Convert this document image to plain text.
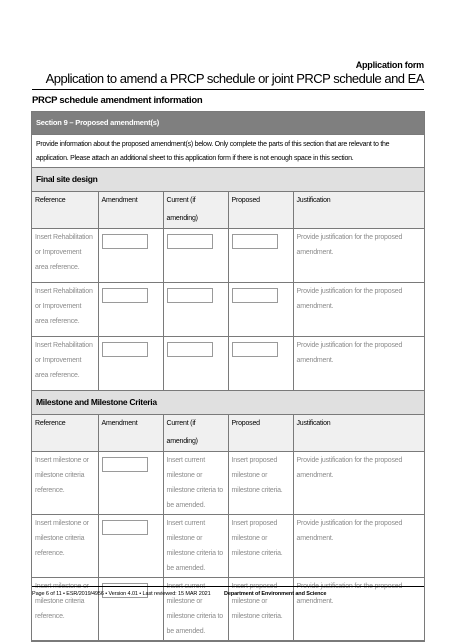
Application form
Application to amend a PRCP schedule or joint PRCP schedule and EA
PRCP schedule amendment information
Section 9 – Proposed amendment(s)
Provide information about the proposed amendment(s) below. Only complete the parts of this section that are relevant to the application. Please attach an additional sheet to this application form if there is not enough space in this section.
Final site design
Reference	Amendment	Current (if amending)	Proposed	Justification
Insert Rehabilitation or Improvement area reference.				Provide justification for the proposed amendment.
Insert Rehabilitation or Improvement area reference.				Provide justification for the proposed amendment.
Insert Rehabilitation or Improvement area reference.				Provide justification for the proposed amendment.
Milestone and Milestone Criteria
Reference	Amendment	Current (if amending)	Proposed	Justification
Insert milestone or milestone criteria reference.		Insert current milestone or milestone criteria to be amended.	Insert proposed milestone or milestone criteria.	Provide justification for the proposed amendment.
Insert milestone or milestone criteria reference.		Insert current milestone or milestone criteria to be amended.	Insert proposed milestone or milestone criteria.	Provide justification for the proposed amendment.
Insert milestone or milestone criteria reference.		Insert current milestone or milestone criteria to be amended.	Insert proposed milestone or milestone criteria.	Provide justification for the proposed amendment.
Page 6 of 11 • ESR/2019/4956 • Version 4.01 • Last reviewed: 15 MAR 2021 Department of Environment and Science
